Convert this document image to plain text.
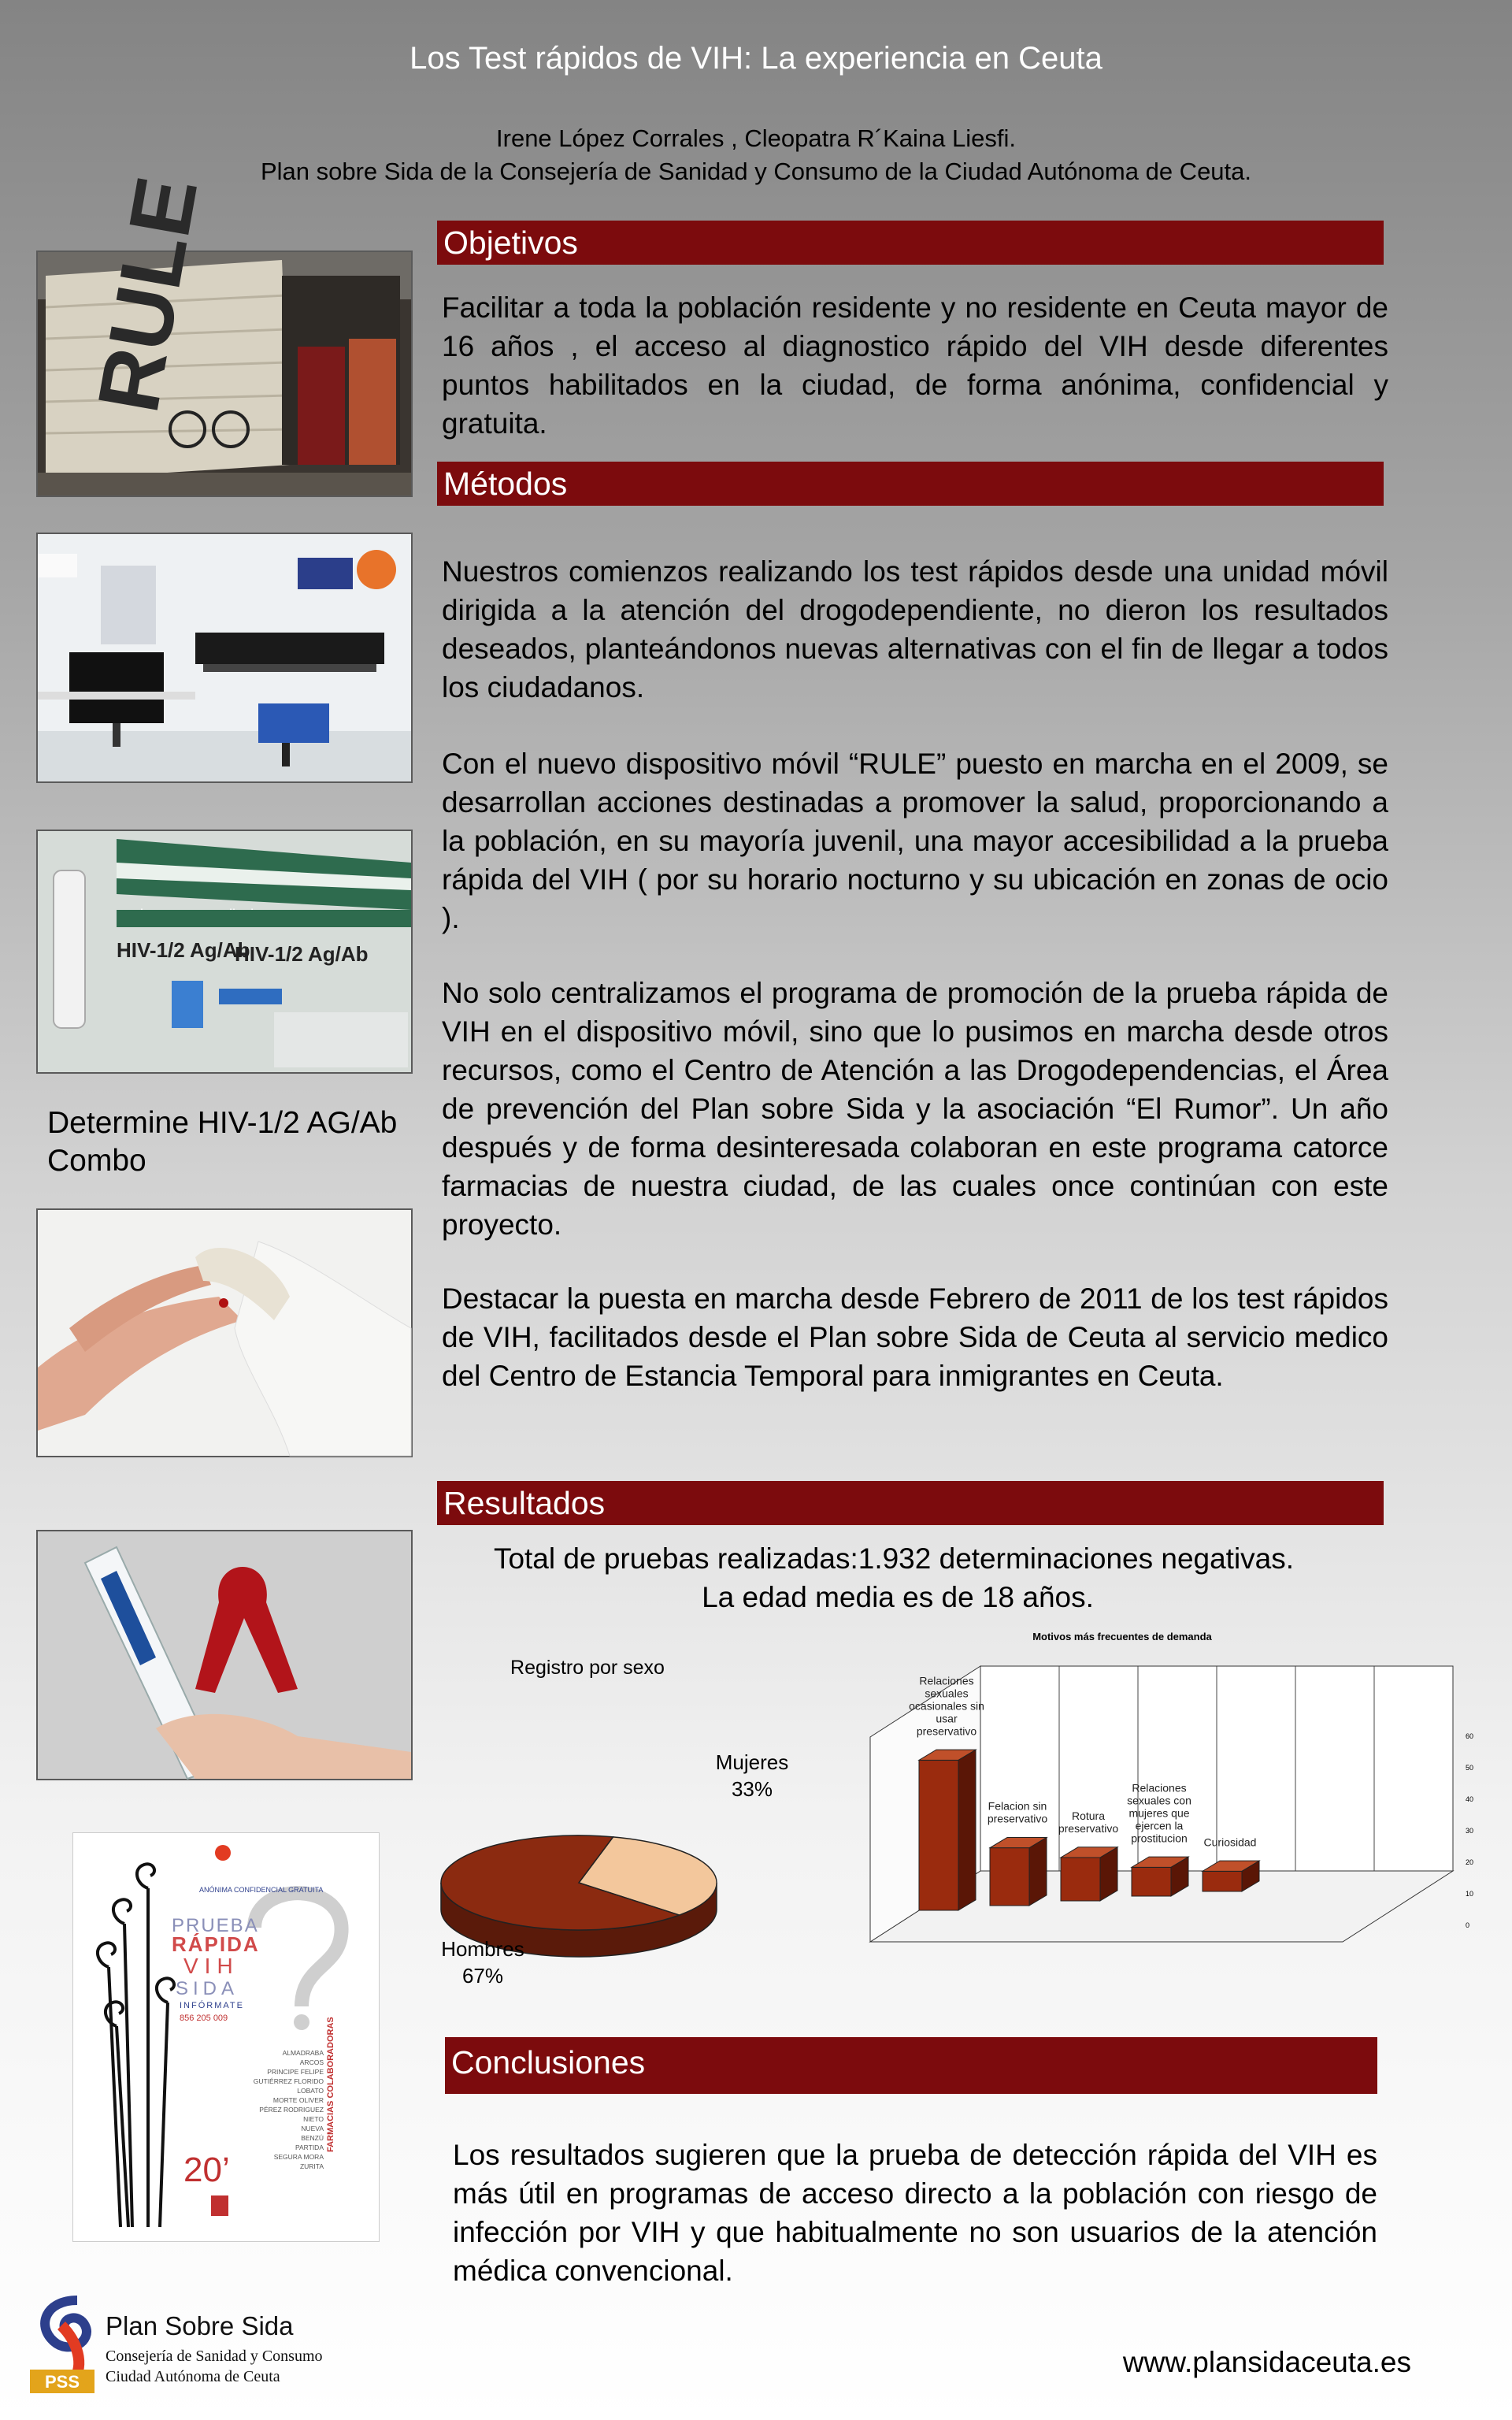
Los Test rápidos de VIH: La experiencia en Ceuta
Irene López Corrales , Cleopatra R´Kaina Liesfi.
Plan sobre Sida de la Consejería de Sanidad y Consumo de la Ciudad Autónoma de Ceuta.
RULE
HIV-1/2 Ag/Ab
HIV-1/2 Ag/Ab
Determine HIV-1/2 AG/Ab Combo
ANÓNIMA CONFIDENCIAL GRATUITA
PRUEBA
RÁPIDA
VIH
SIDA
INFÓRMATE
856 205 009
ALMADRABA
ARCOS
PRINCIPE FELIPE
GUTIÉRREZ FLORIDO
LOBATO
MORTE OLIVER
PÉREZ RODRIGUEZ
NIETO
NUEVA
BENZÚ
PARTIDA
SEGURA MORA
ZURITA
FARMACIAS COLABORADORAS
20’
Objetivos
Facilitar a toda la población residente y no residente en Ceuta mayor de 16 años , el acceso al diagnostico rápido del VIH desde diferentes puntos habilitados en la ciudad, de forma anónima, confidencial y gratuita.
Métodos
Nuestros comienzos realizando los test rápidos desde una unidad móvil dirigida a la atención del drogodependiente, no dieron los resultados deseados, planteándonos nuevas alternativas con el fin de llegar a todos los ciudadanos.
Con el nuevo dispositivo móvil “RULE” puesto en marcha en el 2009, se desarrollan acciones destinadas a promover la salud, proporcionando a la población, en su mayoría juvenil, una mayor accesibilidad a la prueba rápida del VIH ( por su horario nocturno y su ubicación en zonas de ocio ).
No solo centralizamos el programa de promoción de la prueba rápida de VIH en el dispositivo móvil, sino que lo pusimos en marcha desde otros recursos, como el Centro de Atención a las Drogodependencias, el Área de prevención del Plan sobre Sida y la asociación “El Rumor”. Un año después y de forma desinteresada colaboran en este programa catorce farmacias de nuestra ciudad, de las cuales once continúan con este proyecto.
Destacar la puesta en marcha desde Febrero de 2011 de los test rápidos de VIH, facilitados desde el Plan sobre Sida de Ceuta al servicio medico del Centro de Estancia Temporal para inmigrantes en Ceuta.
Resultados
Total de pruebas realizadas:1.932 determinaciones negativas.
La edad media es de 18 años.
Registro por sexo
Mujeres
33%
Hombres
67%
Motivos más frecuentes de demanda
0
10
20
30
40
50
60
Relaciones sexuales ocasionales sin usar preservativo
Felacion sin preservativo	Rotura preservativo
Relaciones sexuales con mujeres que ejercen la prostitucion	Curiosidad
Conclusiones
Los resultados sugieren que la prueba de detección rápida del VIH es más útil en programas de acceso directo a la población con riesgo de infección por VIH y que habitualmente no son usuarios de la atención médica convencional.
PSS
Plan Sobre Sida
Consejería de Sanidad y Consumo
Ciudad Autónoma de Ceuta	www.plansidaceuta.es
